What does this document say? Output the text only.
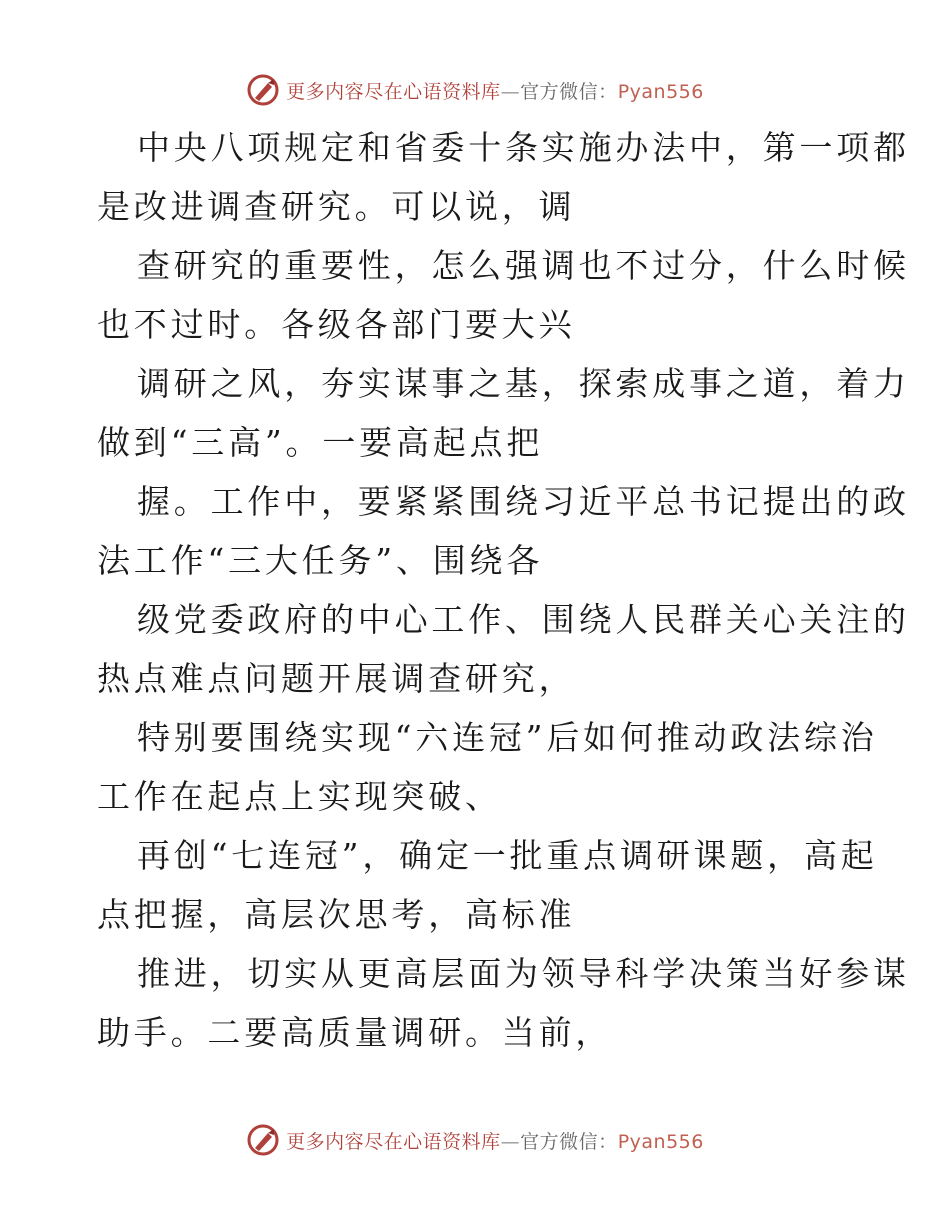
更多内容尽在心语资料库—官方微信：Pyan556
中央八项规定和省委十条实施办法中，第一项都
是改进调查研究。可以说，调
查研究的重要性，怎么强调也不过分，什么时候
也不过时。各级各部门要大兴
调研之风，夯实谋事之基，探索成事之道，着力
做到“三高”。一要高起点把
握。工作中，要紧紧围绕习近平总书记提出的政
法工作“三大任务”、围绕各
级党委政府的中心工作、围绕人民群关心关注的
热点难点问题开展调查研究，
特别要围绕实现“六连冠”后如何推动政法综治
工作在起点上实现突破、
再创“七连冠”，确定一批重点调研课题，高起
点把握，高层次思考，高标准
推进，切实从更高层面为领导科学决策当好参谋
助手。二要高质量调研。当前，
更多内容尽在心语资料库—官方微信：Pyan556
